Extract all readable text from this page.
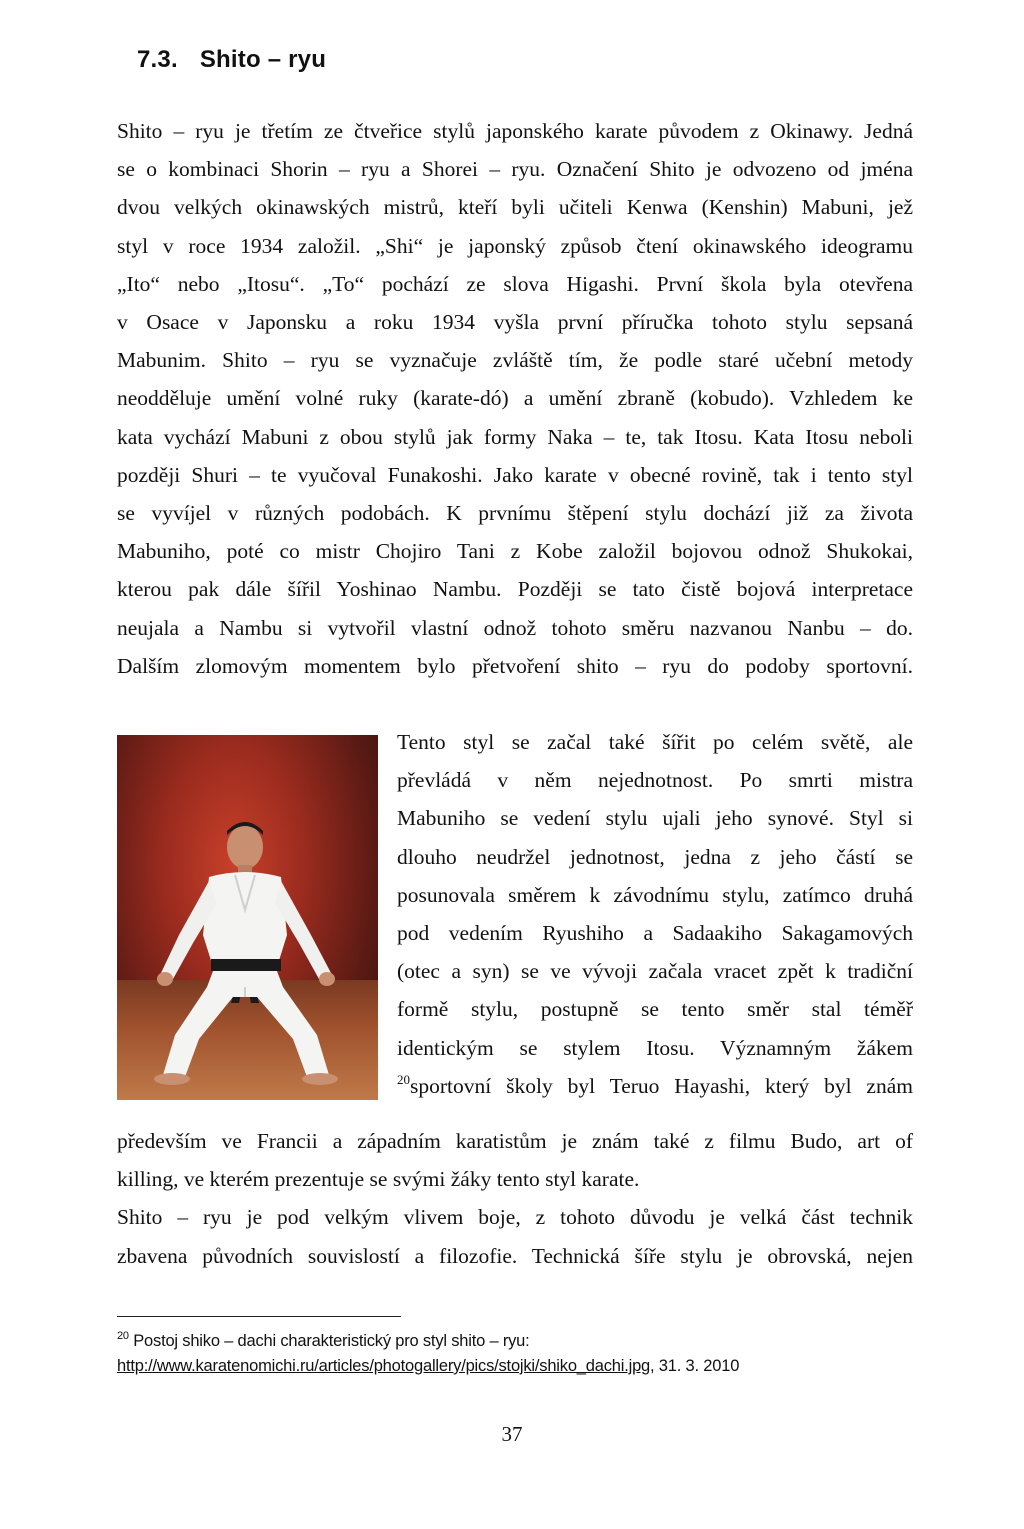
7.3. Shito – ryu
Shito – ryu je třetím ze čtveřice stylů japonského karate původem z Okinawy. Jedná
se o kombinaci Shorin – ryu a Shorei – ryu. Označení Shito je odvozeno od jména
dvou velkých okinawských mistrů, kteří byli učiteli Kenwa (Kenshin) Mabuni, jež
styl v roce 1934 založil. „Shi“ je japonský způsob čtení okinawského ideogramu
„Ito“ nebo „Itosu“. „To“ pochází ze slova Higashi. První škola byla otevřena
v Osace v Japonsku a roku 1934 vyšla první příručka tohoto stylu sepsaná
Mabunim. Shito – ryu se vyznačuje zvláště tím, že podle staré učební metody
neodděluje umění volné ruky (karate-dó) a umění zbraně (kobudo). Vzhledem ke
kata vychází Mabuni z obou stylů jak formy Naka – te, tak Itosu. Kata Itosu neboli
později Shuri – te vyučoval Funakoshi. Jako karate v obecné rovině, tak i tento styl
se vyvíjel v různých podobách. K prvnímu štěpení stylu dochází již za života
Mabuniho, poté co mistr Chojiro Tani z Kobe založil bojovou odnož Shukokai,
kterou pak dále šířil Yoshinao Nambu. Později se tato čistě bojová interpretace
neujala a Nambu si vytvořil vlastní odnož tohoto směru nazvanou Nanbu – do.
Dalším zlomovým momentem bylo přetvoření shito – ryu do podoby sportovní.
Tento styl se začal také šířit po celém světě, ale
převládá v něm nejednotnost. Po smrti mistra
Mabuniho se vedení stylu ujali jeho synové. Styl si
dlouho neudržel jednotnost, jedna z jeho částí se
posunovala směrem k závodnímu stylu, zatímco druhá
pod vedením Ryushiho a Sadaakiho Sakagamových
(otec a syn) se ve vývoji začala vracet zpět k tradiční
formě stylu, postupně se tento směr stal téměř
identickým se stylem Itosu. Významným žákem
$^{20}$sportovní školy byl Teruo Hayashi, který byl znám
především ve Francii a západním karatistům je znám také z filmu Budo, art of
killing, ve kterém prezentuje se svými žáky tento styl karate.
Shito – ryu je pod velkým vlivem boje, z tohoto důvodu je velká část technik
zbavena původních souvislostí a filozofie. Technická šíře stylu je obrovská, nejen
$^{20}$ Postoj shiko – dachi charakteristický pro styl shito – ryu:
http://www.karatenomichi.ru/articles/photogallery/pics/stojki/shiko_dachi.jpg, 31. 3. 2010
37
